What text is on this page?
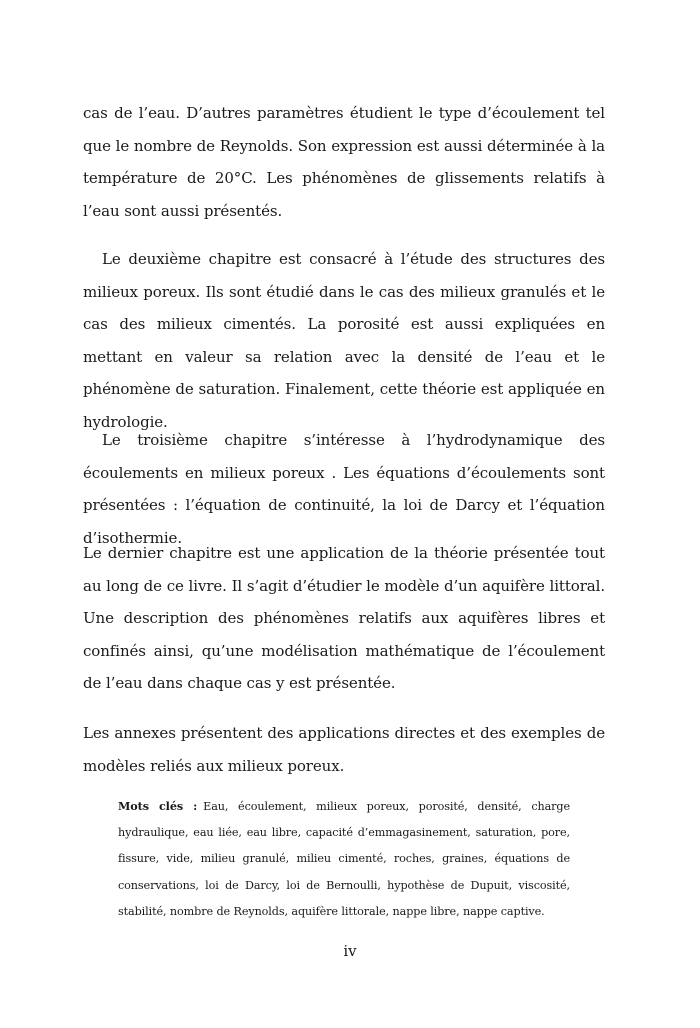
cas de l’eau. D’autres paramètres étudient le type d’écoulement tel que le nombre de Reynolds. Son expression est aussi déterminée à la température de 20°C. Les phénomènes de glissements relatifs à l’eau sont aussi présentés.

Le deuxième chapitre est consacré à l’étude des structures des milieux poreux. Ils sont étudié dans le cas des milieux granulés et le cas des milieux cimentés. La porosité est aussi expliquées en mettant en valeur sa relation avec la densité de l’eau et le phénomène de saturation. Finalement, cette théorie est appliquée en hydrologie.

Le troisième chapitre s’intéresse à l’hydrodynamique des écoulements en milieux poreux . Les équations d’écoulements sont présentées : l’équation de continuité, la loi de Darcy et l’équation d’isothermie.

Le dernier chapitre est une application de la théorie présentée tout au long de ce livre. Il s’agit d’étudier le modèle d’un aquifère littoral. Une description des phénomènes relatifs aux aquifères libres et confinés ainsi, qu’une modélisation mathématique de l’écoulement de l’eau dans chaque cas y est présentée.

Les annexes présentent des applications directes et des exemples de modèles reliés aux milieux poreux.

Mots clés : Eau, écoulement, milieux poreux, porosité, densité, charge hydraulique, eau liée, eau libre, capacité d’emmagasinement, saturation, pore, fissure, vide, milieu granulé, milieu cimenté, roches, graines, équations de conservations, loi de Darcy, loi de Bernoulli, hypothèse de Dupuit, viscosité, stabilité, nombre de Reynolds, aquifère littorale, nappe libre, nappe captive.
iv
